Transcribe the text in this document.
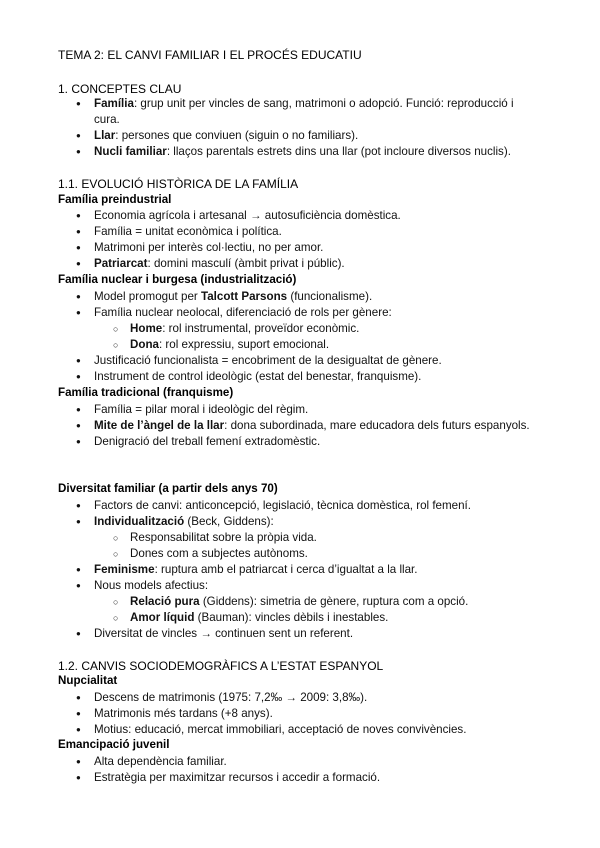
TEMA 2: EL CANVI FAMILIAR I EL PROCÉS EDUCATIU
1. CONCEPTES CLAU
● Família: grup unit per vincles de sang, matrimoni o adopció. Funció: reproducció i
cura.
● Llar: persones que conviuen (siguin o no familiars).
● Nucli familiar: llaços parentals estrets dins una llar (pot incloure diversos nuclis).
1.1. EVOLUCIÓ HISTÒRICA DE LA FAMÍLIA
Família preindustrial
● Economia agrícola i artesanal → autosuficiència domèstica.
● Família = unitat econòmica i política.
● Matrimoni per interès col·lectiu, no per amor.
● Patriarcat: domini masculí (àmbit privat i públic).
Família nuclear i burgesa (industrialització)
● Model promogut per Talcott Parsons (funcionalisme).
● Família nuclear neolocal, diferenciació de rols per gènere:
○ Home: rol instrumental, proveïdor econòmic.
○ Dona: rol expressiu, suport emocional.
● Justificació funcionalista = encobriment de la desigualtat de gènere.
● Instrument de control ideològic (estat del benestar, franquisme).
Família tradicional (franquisme)
● Família = pilar moral i ideològic del règim.
● Mite de l’àngel de la llar: dona subordinada, mare educadora dels futurs espanyols.
● Denigració del treball femení extradomèstic.
Diversitat familiar (a partir dels anys 70)
● Factors de canvi: anticoncepció, legislació, tècnica domèstica, rol femení.
● Individualització (Beck, Giddens):
○ Responsabilitat sobre la pròpia vida.
○ Dones com a subjectes autònoms.
● Feminisme: ruptura amb el patriarcat i cerca d’igualtat a la llar.
● Nous models afectius:
○ Relació pura (Giddens): simetria de gènere, ruptura com a opció.
○ Amor líquid (Bauman): vincles dèbils i inestables.
● Diversitat de vincles → continuen sent un referent.
1.2. CANVIS SOCIODEMOGRÀFICS A L’ESTAT ESPANYOL
Nupcialitat
● Descens de matrimonis (1975: 7,2‰ → 2009: 3,8‰).
● Matrimonis més tardans (+8 anys).
● Motius: educació, mercat immobiliari, acceptació de noves convivències.
Emancipació juvenil
● Alta dependència familiar.
● Estratègia per maximitzar recursos i accedir a formació.
